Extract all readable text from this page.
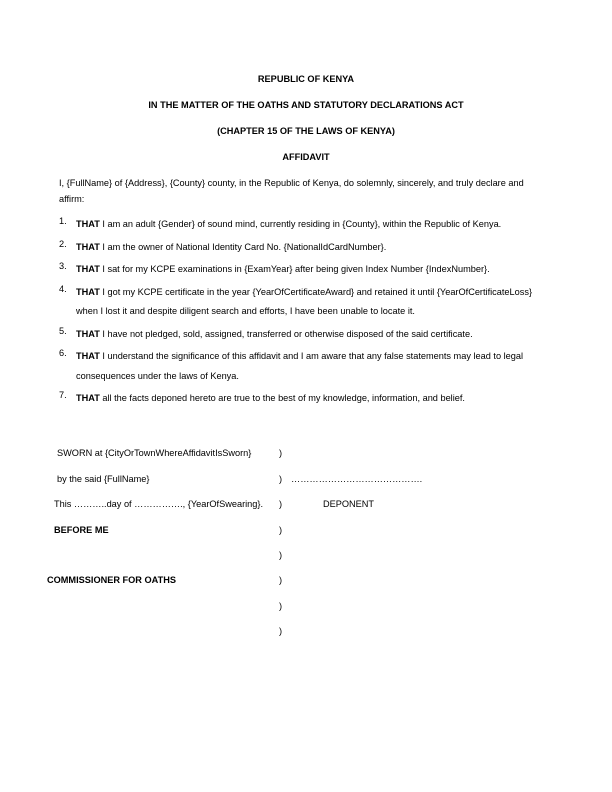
REPUBLIC OF KENYA
IN THE MATTER OF THE OATHS AND STATUTORY DECLARATIONS ACT
(CHAPTER 15 OF THE LAWS OF KENYA)
AFFIDAVIT
I, {FullName} of {Address}, {County} county, in the Republic of Kenya, do solemnly, sincerely, and truly declare and affirm:
1.	THAT I am an adult {Gender} of sound mind, currently residing in {County}, within the Republic of Kenya.
2.	THAT I am the owner of National Identity Card No. {NationalIdCardNumber}.
3.	THAT I sat for my KCPE examinations in {ExamYear} after being given Index Number {IndexNumber}.
4.	THAT I got my KCPE certificate in the year {YearOfCertificateAward} and retained it until {YearOfCertificateLoss} when I lost it and despite diligent search and efforts, I have been unable to locate it.
5.	THAT I have not pledged, sold, assigned, transferred or otherwise disposed of the said certificate.
6.	THAT I understand the significance of this affidavit and I am aware that any false statements may lead to legal consequences under the laws of Kenya.
7.	THAT all the facts deponed hereto are true to the best of my knowledge, information, and belief.
SWORN at {CityOrTownWhereAffidavitIsSworn}	)
by the said {FullName}	) …………………………………….
This ………..day of ……………., {YearOfSwearing}. )	DEPONENT
BEFORE ME	)
)
COMMISSIONER FOR OATHS	)
)
)
